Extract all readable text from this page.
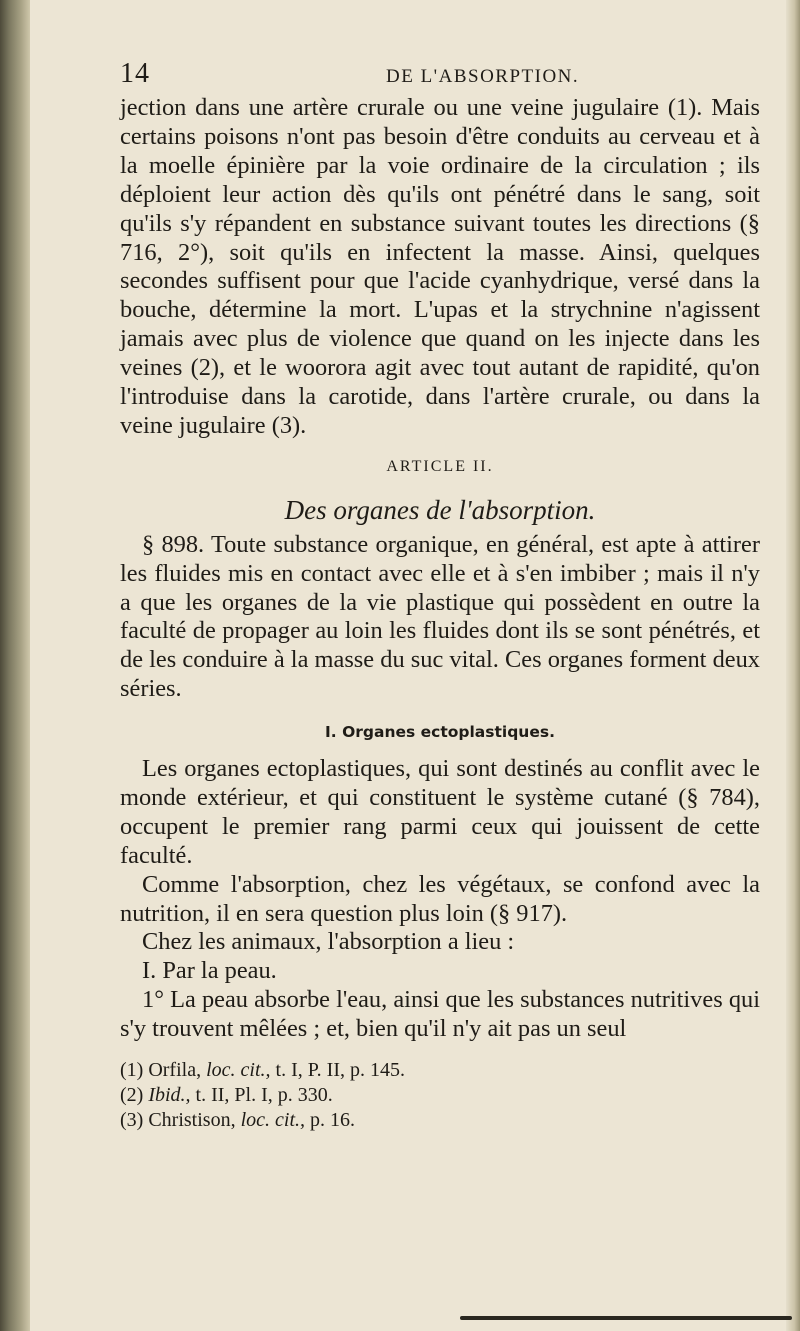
14	DE L'ABSORPTION.

jection dans une artère crurale ou une veine jugulaire (1). Mais certains poisons n'ont pas besoin d'être conduits au cerveau et à la moelle épinière par la voie ordinaire de la circulation ; ils déploient leur action dès qu'ils ont pénétré dans le sang, soit qu'ils s'y répandent en substance suivant toutes les directions (§ 716, 2°), soit qu'ils en infectent la masse. Ainsi, quelques secondes suffisent pour que l'acide cyanhydrique, versé dans la bouche, détermine la mort. L'upas et la strychnine n'agissent jamais avec plus de violence que quand on les injecte dans les veines (2), et le woorora agit avec tout autant de rapidité, qu'on l'introduise dans la carotide, dans l'artère crurale, ou dans la veine jugulaire (3).

ARTICLE II.
Des organes de l'absorption.

§ 898. Toute substance organique, en général, est apte à attirer les fluides mis en contact avec elle et à s'en imbiber ; mais il n'y a que les organes de la vie plastique qui possèdent en outre la faculté de propager au loin les fluides dont ils se sont pénétrés, et de les conduire à la masse du suc vital. Ces organes forment deux séries.

I. Organes ectoplastiques.

Les organes ectoplastiques, qui sont destinés au conflit avec le monde extérieur, et qui constituent le système cutané (§ 784), occupent le premier rang parmi ceux qui jouissent de cette faculté.

Comme l'absorption, chez les végétaux, se confond avec la nutrition, il en sera question plus loin (§ 917).

Chez les animaux, l'absorption a lieu :

I. Par la peau.

1° La peau absorbe l'eau, ainsi que les substances nutritives qui s'y trouvent mêlées ; et, bien qu'il n'y ait pas un seul

(1) Orfila, loc. cit., t. I, P. II, p. 145.
(2) Ibid., t. II, Pl. I, p. 330.
(3) Christison, loc. cit., p. 16.
